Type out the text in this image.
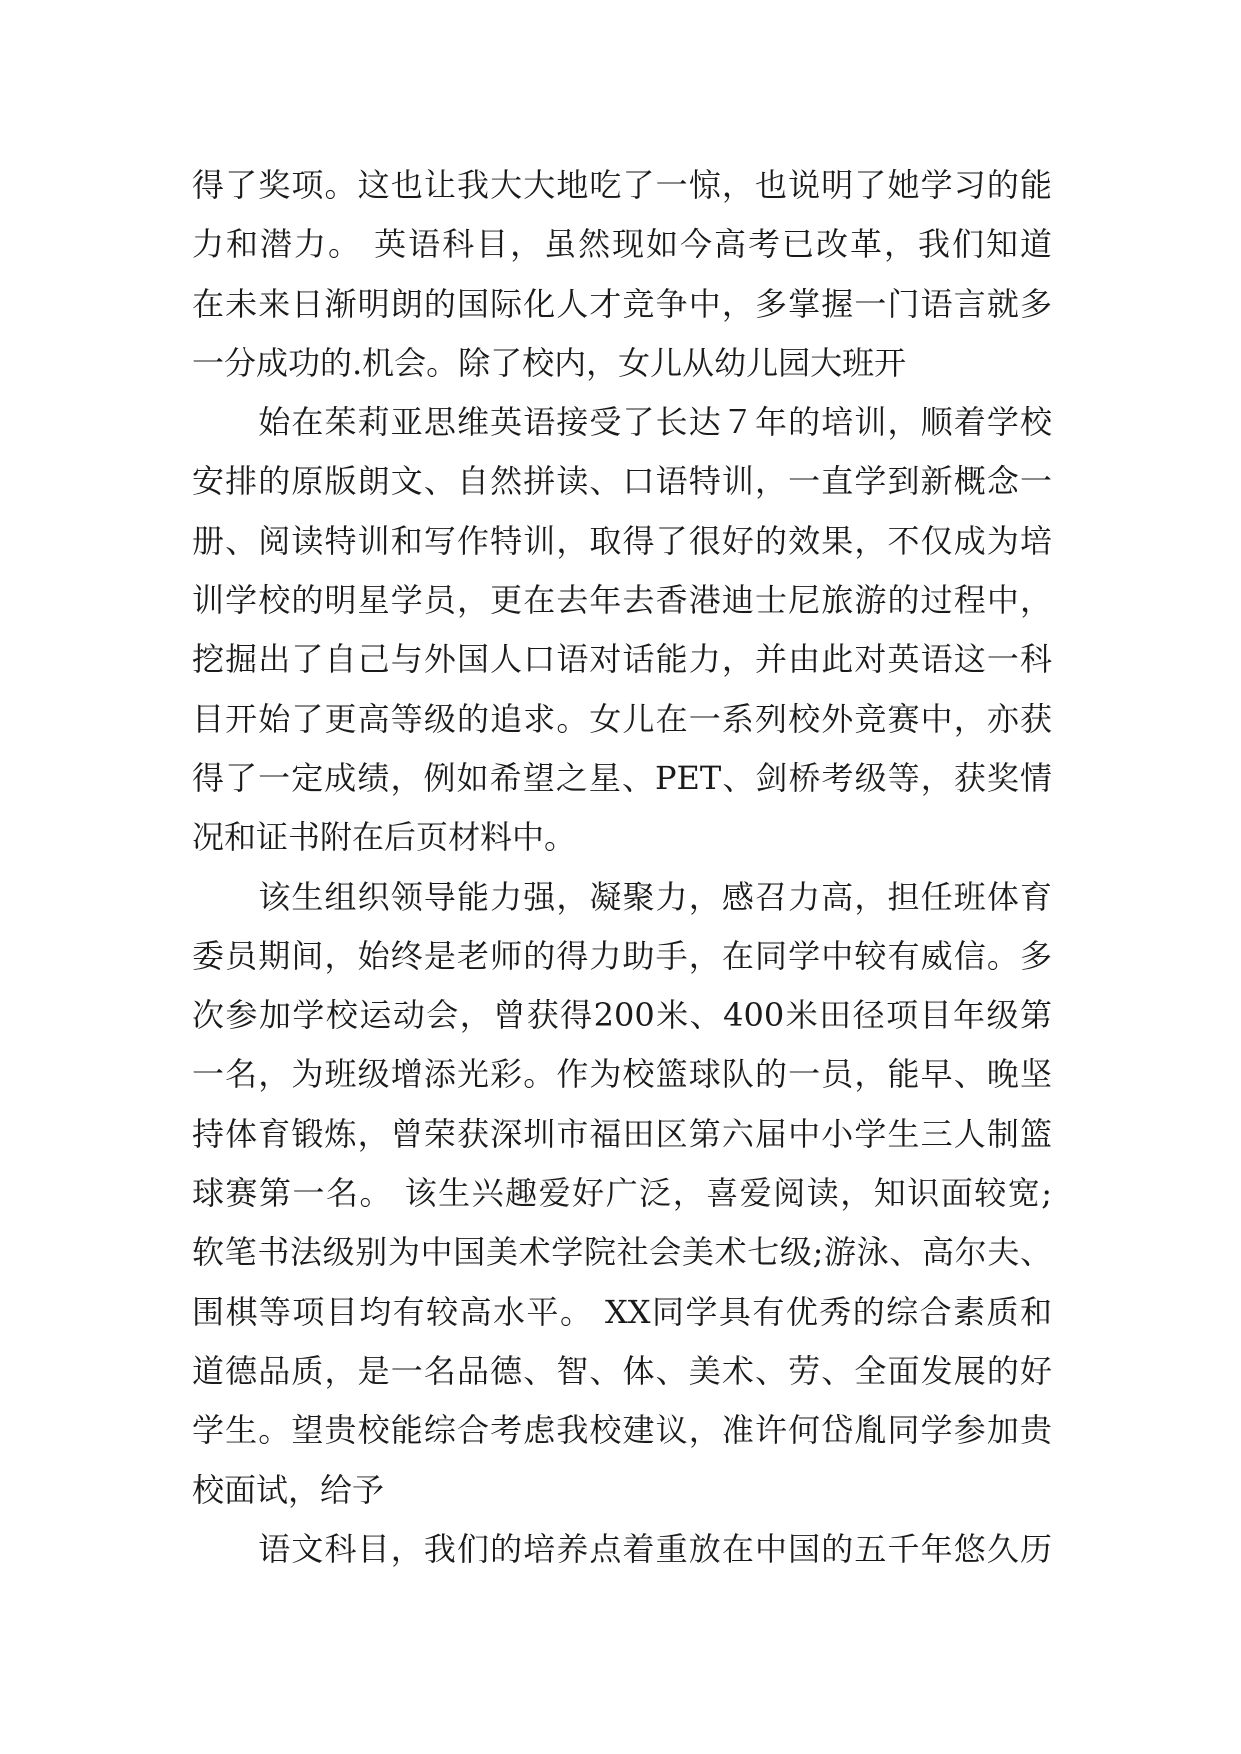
得了奖项。这也让我大大地吃了一惊，也说明了她学习的能
力和潜力。 英语科目，虽然现如今高考已改革，我们知道
在未来日渐明朗的国际化人才竞争中，多掌握一门语言就多
一分成功的.机会。除了校内，女儿从幼儿园大班开
　　始在茱莉亚思维英语接受了长达７年的培训，顺着学校
安排的原版朗文、自然拼读、口语特训，一直学到新概念一
册、阅读特训和写作特训，取得了很好的效果，不仅成为培
训学校的明星学员，更在去年去香港迪士尼旅游的过程中，
挖掘出了自己与外国人口语对话能力，并由此对英语这一科
目开始了更高等级的追求。女儿在一系列校外竞赛中，亦获
得了一定成绩，例如希望之星、PET、剑桥考级等，获奖情
况和证书附在后页材料中。
　　该生组织领导能力强，凝聚力，感召力高，担任班体育
委员期间，始终是老师的得力助手，在同学中较有威信。多
次参加学校运动会，曾获得200米、400米田径项目年级第
一名，为班级增添光彩。作为校篮球队的一员，能早、晚坚
持体育锻炼，曾荣获深圳市福田区第六届中小学生三人制篮
球赛第一名。 该生兴趣爱好广泛，喜爱阅读，知识面较宽;
软笔书法级别为中国美术学院社会美术七级;游泳、高尔夫、
围棋等项目均有较高水平。 XX同学具有优秀的综合素质和
道德品质，是一名品德、智、体、美术、劳、全面发展的好
学生。望贵校能综合考虑我校建议，准许何岱胤同学参加贵
校面试，给予
　　语文科目，我们的培养点着重放在中国的五千年悠久历
